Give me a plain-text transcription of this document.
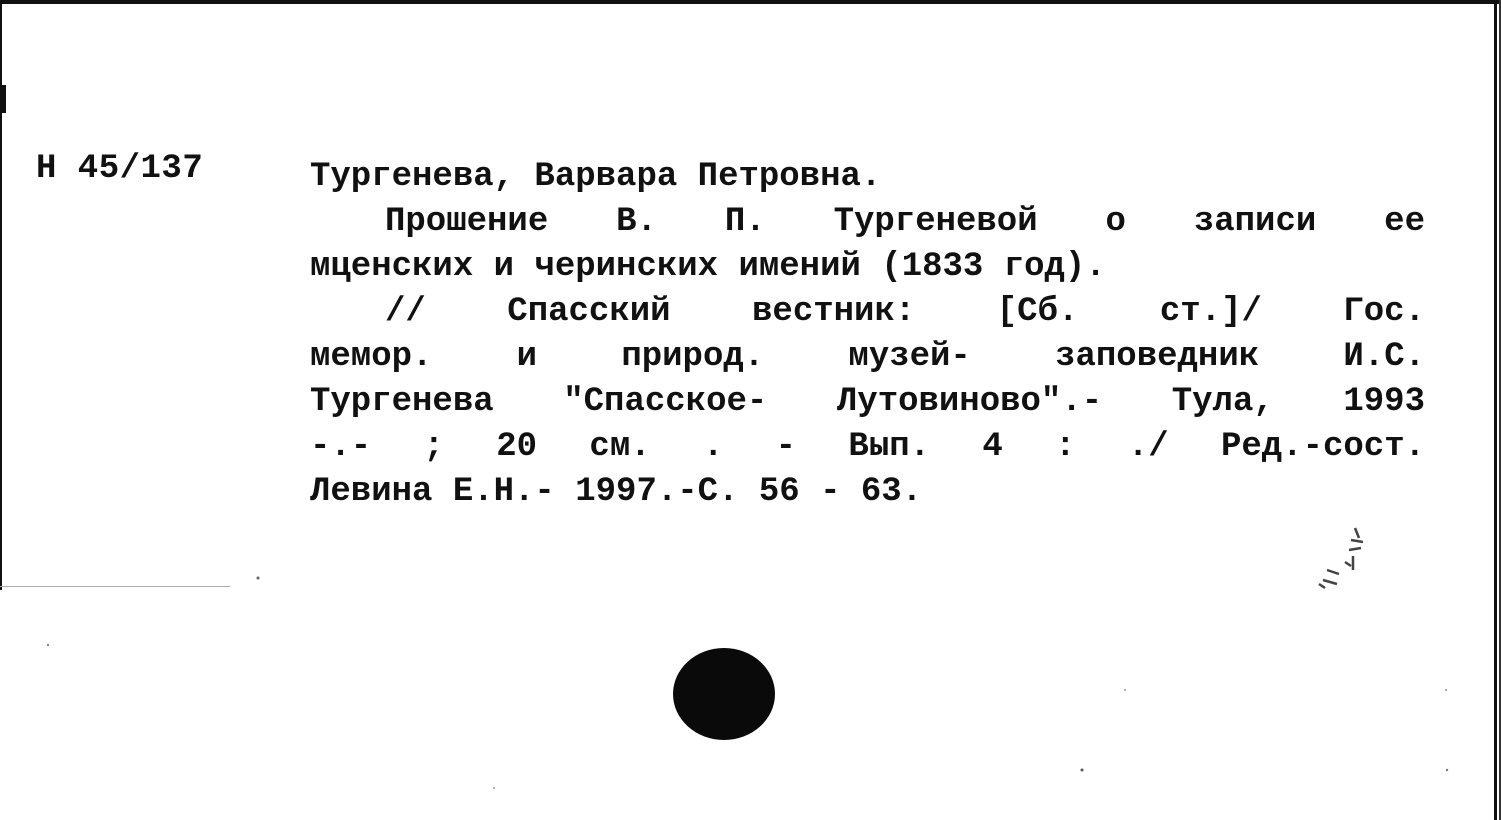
Н 45/137	Тургенева, Варвара Петровна.
Прошение В. П. Тургеневой о записи ее
мценских и черинских имений (1833 год).
// Спасский вестник: [Сб. ст.]/ Гос.
мемор. и природ. музей- заповедник И.С.
Тургенева "Спасское- Лутовиново".- Тула, 1993
-.- ; 20 см. . - Вып. 4 : ./ Ред.-сост.
Левина Е.Н.- 1997.-С. 56 - 63.
